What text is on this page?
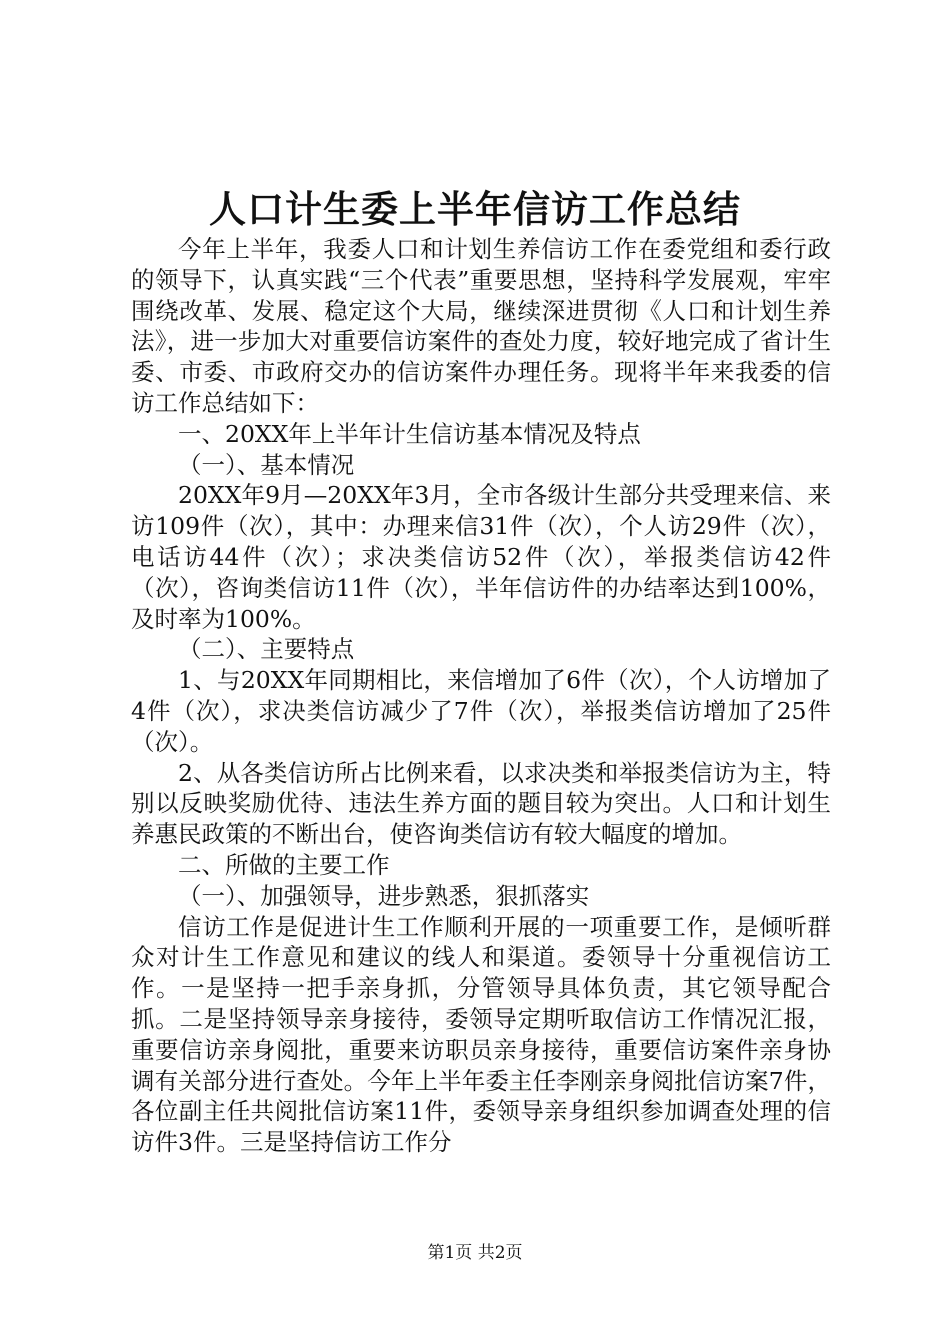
人口计生委上半年信访工作总结

今年上半年，我委人口和计划生养信访工作在委党组和委行政的领导下，认真实践“三个代表”重要思想，坚持科学发展观，牢牢围绕改革、发展、稳定这个大局，继续深进贯彻《人口和计划生养法》，进一步加大对重要信访案件的查处力度，较好地完成了省计生委、市委、市政府交办的信访案件办理任务。现将半年来我委的信访工作总结如下：

一、20XX年上半年计生信访基本情况及特点

（一）、基本情况

20XX年9月—20XX年3月，全市各级计生部分共受理来信、来访109件（次），其中：办理来信31件（次），个人访29件（次），电话访44件（次）；求决类信访52件（次），举报类信访42件（次），咨询类信访11件（次），半年信访件的办结率达到100%，及时率为100%。

（二）、主要特点

1、与20XX年同期相比，来信增加了6件（次），个人访增加了4件（次），求决类信访减少了7件（次），举报类信访增加了25件（次）。

2、从各类信访所占比例来看，以求决类和举报类信访为主，特别以反映奖励优待、违法生养方面的题目较为突出。人口和计划生养惠民政策的不断出台，使咨询类信访有较大幅度的增加。

二、所做的主要工作

（一）、加强领导，进步熟悉，狠抓落实

信访工作是促进计生工作顺利开展的一项重要工作，是倾听群众对计生工作意见和建议的线人和渠道。委领导十分重视信访工作。一是坚持一把手亲身抓，分管领导具体负责，其它领导配合抓。二是坚持领导亲身接待，委领导定期听取信访工作情况汇报，重要信访亲身阅批，重要来访职员亲身接待，重要信访案件亲身协调有关部分进行查处。今年上半年委主任李刚亲身阅批信访案7件，各位副主任共阅批信访案11件，委领导亲身组织参加调查处理的信访件3件。三是坚持信访工作分

第1页 共2页
